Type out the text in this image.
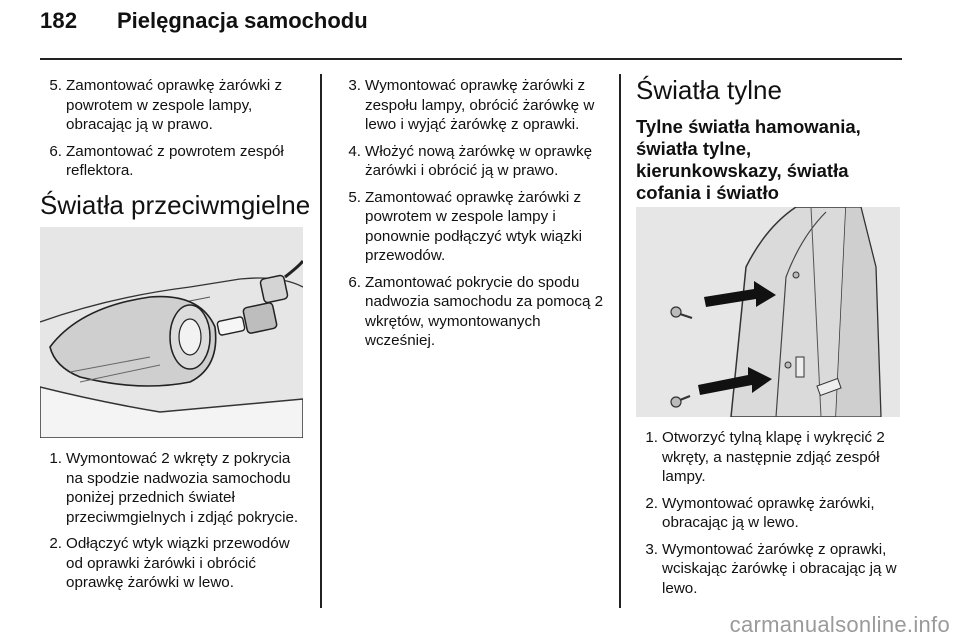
182 Pielęgnacja samochodu
5. Zamontować oprawkę żarówki z powrotem w zespole lampy, obracając ją w prawo.
6. Zamontować z powrotem zespół reflektora.
Światła przeciwmgielne
1. Wymontować 2 wkręty z pokrycia na spodzie nadwozia samochodu poniżej przednich świateł przeciwmgielnych i zdjąć pokrycie.
2. Odłączyć wtyk wiązki przewodów od oprawki żarówki i obrócić oprawkę żarówki w lewo.
3. Wymontować oprawkę żarówki z zespołu lampy, obrócić żarówkę w lewo i wyjąć żarówkę z oprawki.
4. Włożyć nową żarówkę w oprawkę żarówki i obrócić ją w prawo.
5. Zamontować oprawkę żarówki z powrotem w zespole lampy i ponownie podłączyć wtyk wiązki przewodów.
6. Zamontować pokrycie do spodu nadwozia samochodu za pomocą 2 wkrętów, wymontowanych wcześniej.
Światła tylne
Tylne światła hamowania, światła tylne, kierunkowskazy, światła cofania i światło
1. Otworzyć tylną klapę i wykręcić 2 wkręty, a następnie zdjąć zespół lampy.
2. Wymontować oprawkę żarówki, obracając ją w lewo.
3. Wymontować żarówkę z oprawki, wciskając żarówkę i obracając ją w lewo.
carmanualsonline.info
